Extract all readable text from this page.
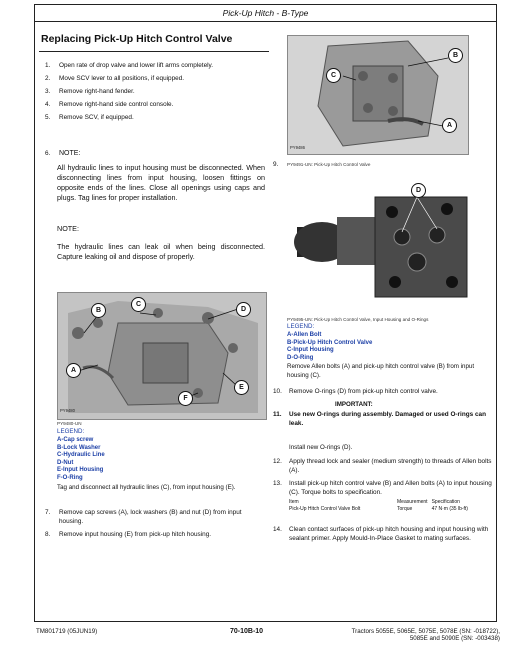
Pick-Up Hitch - B-Type
Replacing Pick-Up Hitch Control Valve
1. Open rate of drop valve and lower lift arms completely.
2. Move SCV lever to all positions, if equipped.
3. Remove right-hand fender.
4. Remove right-hand side control console.
5. Remove SCV, if equipped.
6. NOTE:
All hydraulic lines to input housing must be disconnected. When disconnecting lines from input housing, loosen fittings on opposite ends of the lines. Close all openings using caps and plugs. Tag lines for proper installation.
NOTE:
The hydraulic lines can leak oil when being disconnected. Capture leaking oil and dispose of properly.
B
C
D
A
E
F
PY9480
PY9480-UN
LEGEND:
A-Cap screw
B-Lock Washer
C-Hydraulic Line
D-Nut
E-Input Housing
F-O-Ring
Tag and disconnect all hydraulic lines (C), from input housing (E).
7. Remove cap screws (A), lock washers (B) and nut (D) from input housing.
8. Remove input housing (E) from pick-up hitch housing.
C
B
A
PY9486
9. PY9491-UN: Pick-Up Hitch Control Valve
D
PY9495-UN: Pick-Up Hitch Control Valve, Input Housing and O-Rings
LEGEND:
A-Allen Bolt
B-Pick-Up Hitch Control Valve
C-Input Housing
D-O-Ring
Remove Allen bolts (A) and pick-up hitch control valve (B) from input housing (C).
10. Remove O-rings (D) from pick-up hitch control valve.
IMPORTANT:
11. Use new O-rings during assembly. Damaged or used O-rings can leak.
Install new O-rings (D).
12. Apply thread lock and sealer (medium strength) to threads of Allen bolts (A).
13. Install pick-up hitch control valve (B) and Allen bolts (A) to input housing (C). Torque bolts to specification.
Item	Measurement	Specification
Pick-Up Hitch Control Valve Bolt	Torque	47 N·m (35 lb-ft)
14. Clean contact surfaces of pick-up hitch housing and input housing with sealant primer. Apply Mould-In-Place Gasket to mating surfaces.
TM801719 (05JUN19)	70-10B-10	Tractors 5055E, 5065E, 5075E, 5078E (SN: -018722),
5085E and 5090E (SN: -003438)
